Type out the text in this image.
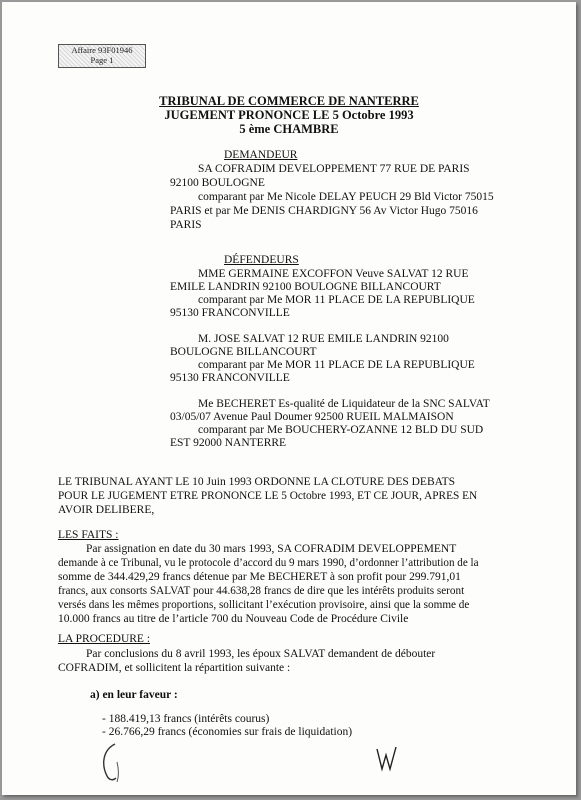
Affaire 93F01946
Page 1
TRIBUNAL DE COMMERCE DE NANTERRE
JUGEMENT PRONONCE LE 5 Octobre 1993
5 ème CHAMBRE
DEMANDEUR
SA COFRADIM DEVELOPPEMENT 77 RUE DE PARIS
92100 BOULOGNE
comparant par Me Nicole DELAY PEUCH 29 Bld Victor 75015
PARIS et par Me DENIS CHARDIGNY 56 Av Victor Hugo 75016
PARIS
DÉFENDEURS
MME GERMAINE EXCOFFON Veuve SALVAT 12 RUE
EMILE LANDRIN 92100 BOULOGNE BILLANCOURT
comparant par Me MOR 11 PLACE DE LA REPUBLIQUE
95130 FRANCONVILLE
M. JOSE SALVAT 12 RUE EMILE LANDRIN 92100
BOULOGNE BILLANCOURT
comparant par Me MOR 11 PLACE DE LA REPUBLIQUE
95130 FRANCONVILLE
Me BECHERET Es-qualité de Liquidateur de la SNC SALVAT
03/05/07 Avenue Paul Doumer 92500 RUEIL MALMAISON
comparant par Me BOUCHERY-OZANNE 12 BLD DU SUD
EST 92000 NANTERRE
LE TRIBUNAL AYANT LE 10 Juin 1993 ORDONNE LA CLOTURE DES DEBATS
POUR LE JUGEMENT ETRE PRONONCE LE 5 Octobre 1993, ET CE JOUR, APRES EN
AVOIR DELIBERE,
LES FAITS :
Par assignation en date du 30 mars 1993, SA COFRADIM DEVELOPPEMENT
demande à ce Tribunal, vu le protocole d’accord du 9 mars 1990, d’ordonner l’attribution de la
somme de 344.429,29 francs détenue par Me BECHERET à son profit pour 299.791,01
francs, aux consorts SALVAT pour 44.638,28 francs de dire que les intérêts produits seront
versés dans les mêmes proportions, sollicitant l’exécution provisoire, ainsi que la somme de
10.000 francs au titre de l’article 700 du Nouveau Code de Procédure Civile
LA PROCEDURE :
Par conclusions du 8 avril 1993, les époux SALVAT demandent de débouter
COFRADIM, et sollicitent la répartition suivante :
a) en leur faveur :
- 188.419,13 francs (intérêts courus)
- 26.766,29 francs (économies sur frais de liquidation)
